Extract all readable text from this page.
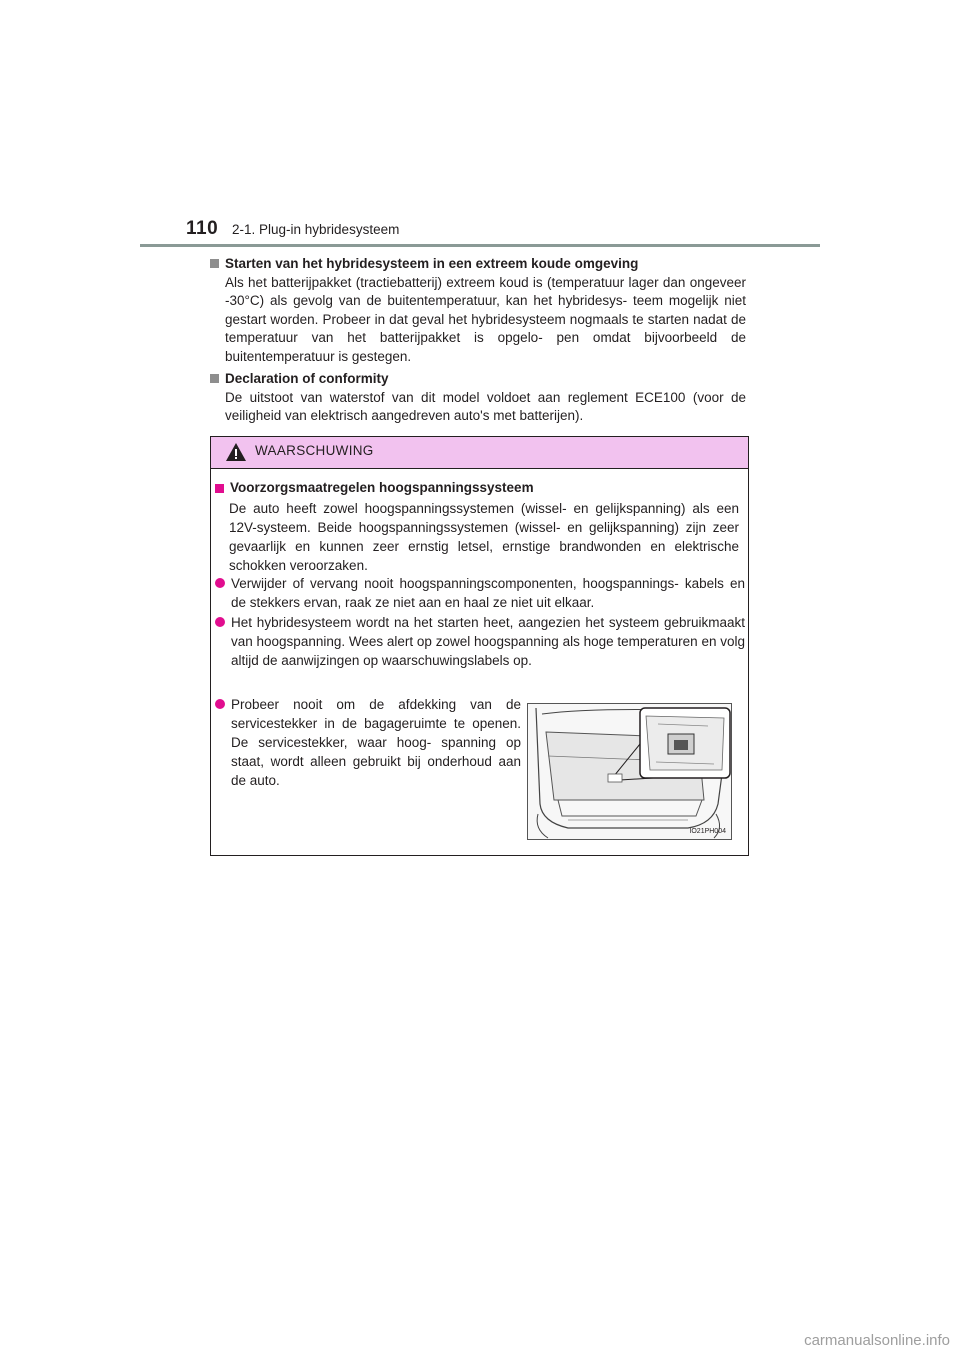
110 2-1. Plug-in hybridesysteem
Starten van het hybridesysteem in een extreem koude omgeving
Als het batterijpakket (tractiebatterij) extreem koud is (temperatuur lager dan ongeveer -30°C) als gevolg van de buitentemperatuur, kan het hybridesys- teem mogelijk niet gestart worden. Probeer in dat geval het hybridesysteem nogmaals te starten nadat de temperatuur van het batterijpakket is opgelo- pen omdat bijvoorbeeld de buitentemperatuur is gestegen.
Declaration of conformity
De uitstoot van waterstof van dit model voldoet aan reglement ECE100 (voor de veiligheid van elektrisch aangedreven auto's met batterijen).
WAARSCHUWING
Voorzorgsmaatregelen hoogspanningssysteem
De auto heeft zowel hoogspanningssystemen (wissel- en gelijkspanning) als een 12V-systeem. Beide hoogspanningssystemen (wissel- en gelijkspanning) zijn zeer gevaarlijk en kunnen zeer ernstig letsel, ernstige brandwonden en elektrische schokken veroorzaken.
Verwijder of vervang nooit hoogspanningscomponenten, hoogspannings- kabels en de stekkers ervan, raak ze niet aan en haal ze niet uit elkaar.
Het hybridesysteem wordt na het starten heet, aangezien het systeem gebruikmaakt van hoogspanning. Wees alert op zowel hoogspanning als hoge temperaturen en volg altijd de aanwijzingen op waarschuwingslabels op.
Probeer nooit om de afdekking van de servicestekker in de bagageruimte te openen. De servicestekker, waar hoog- spanning op staat, wordt alleen gebruikt bij onderhoud aan de auto.
IO21PH004
carmanualsonline.info
